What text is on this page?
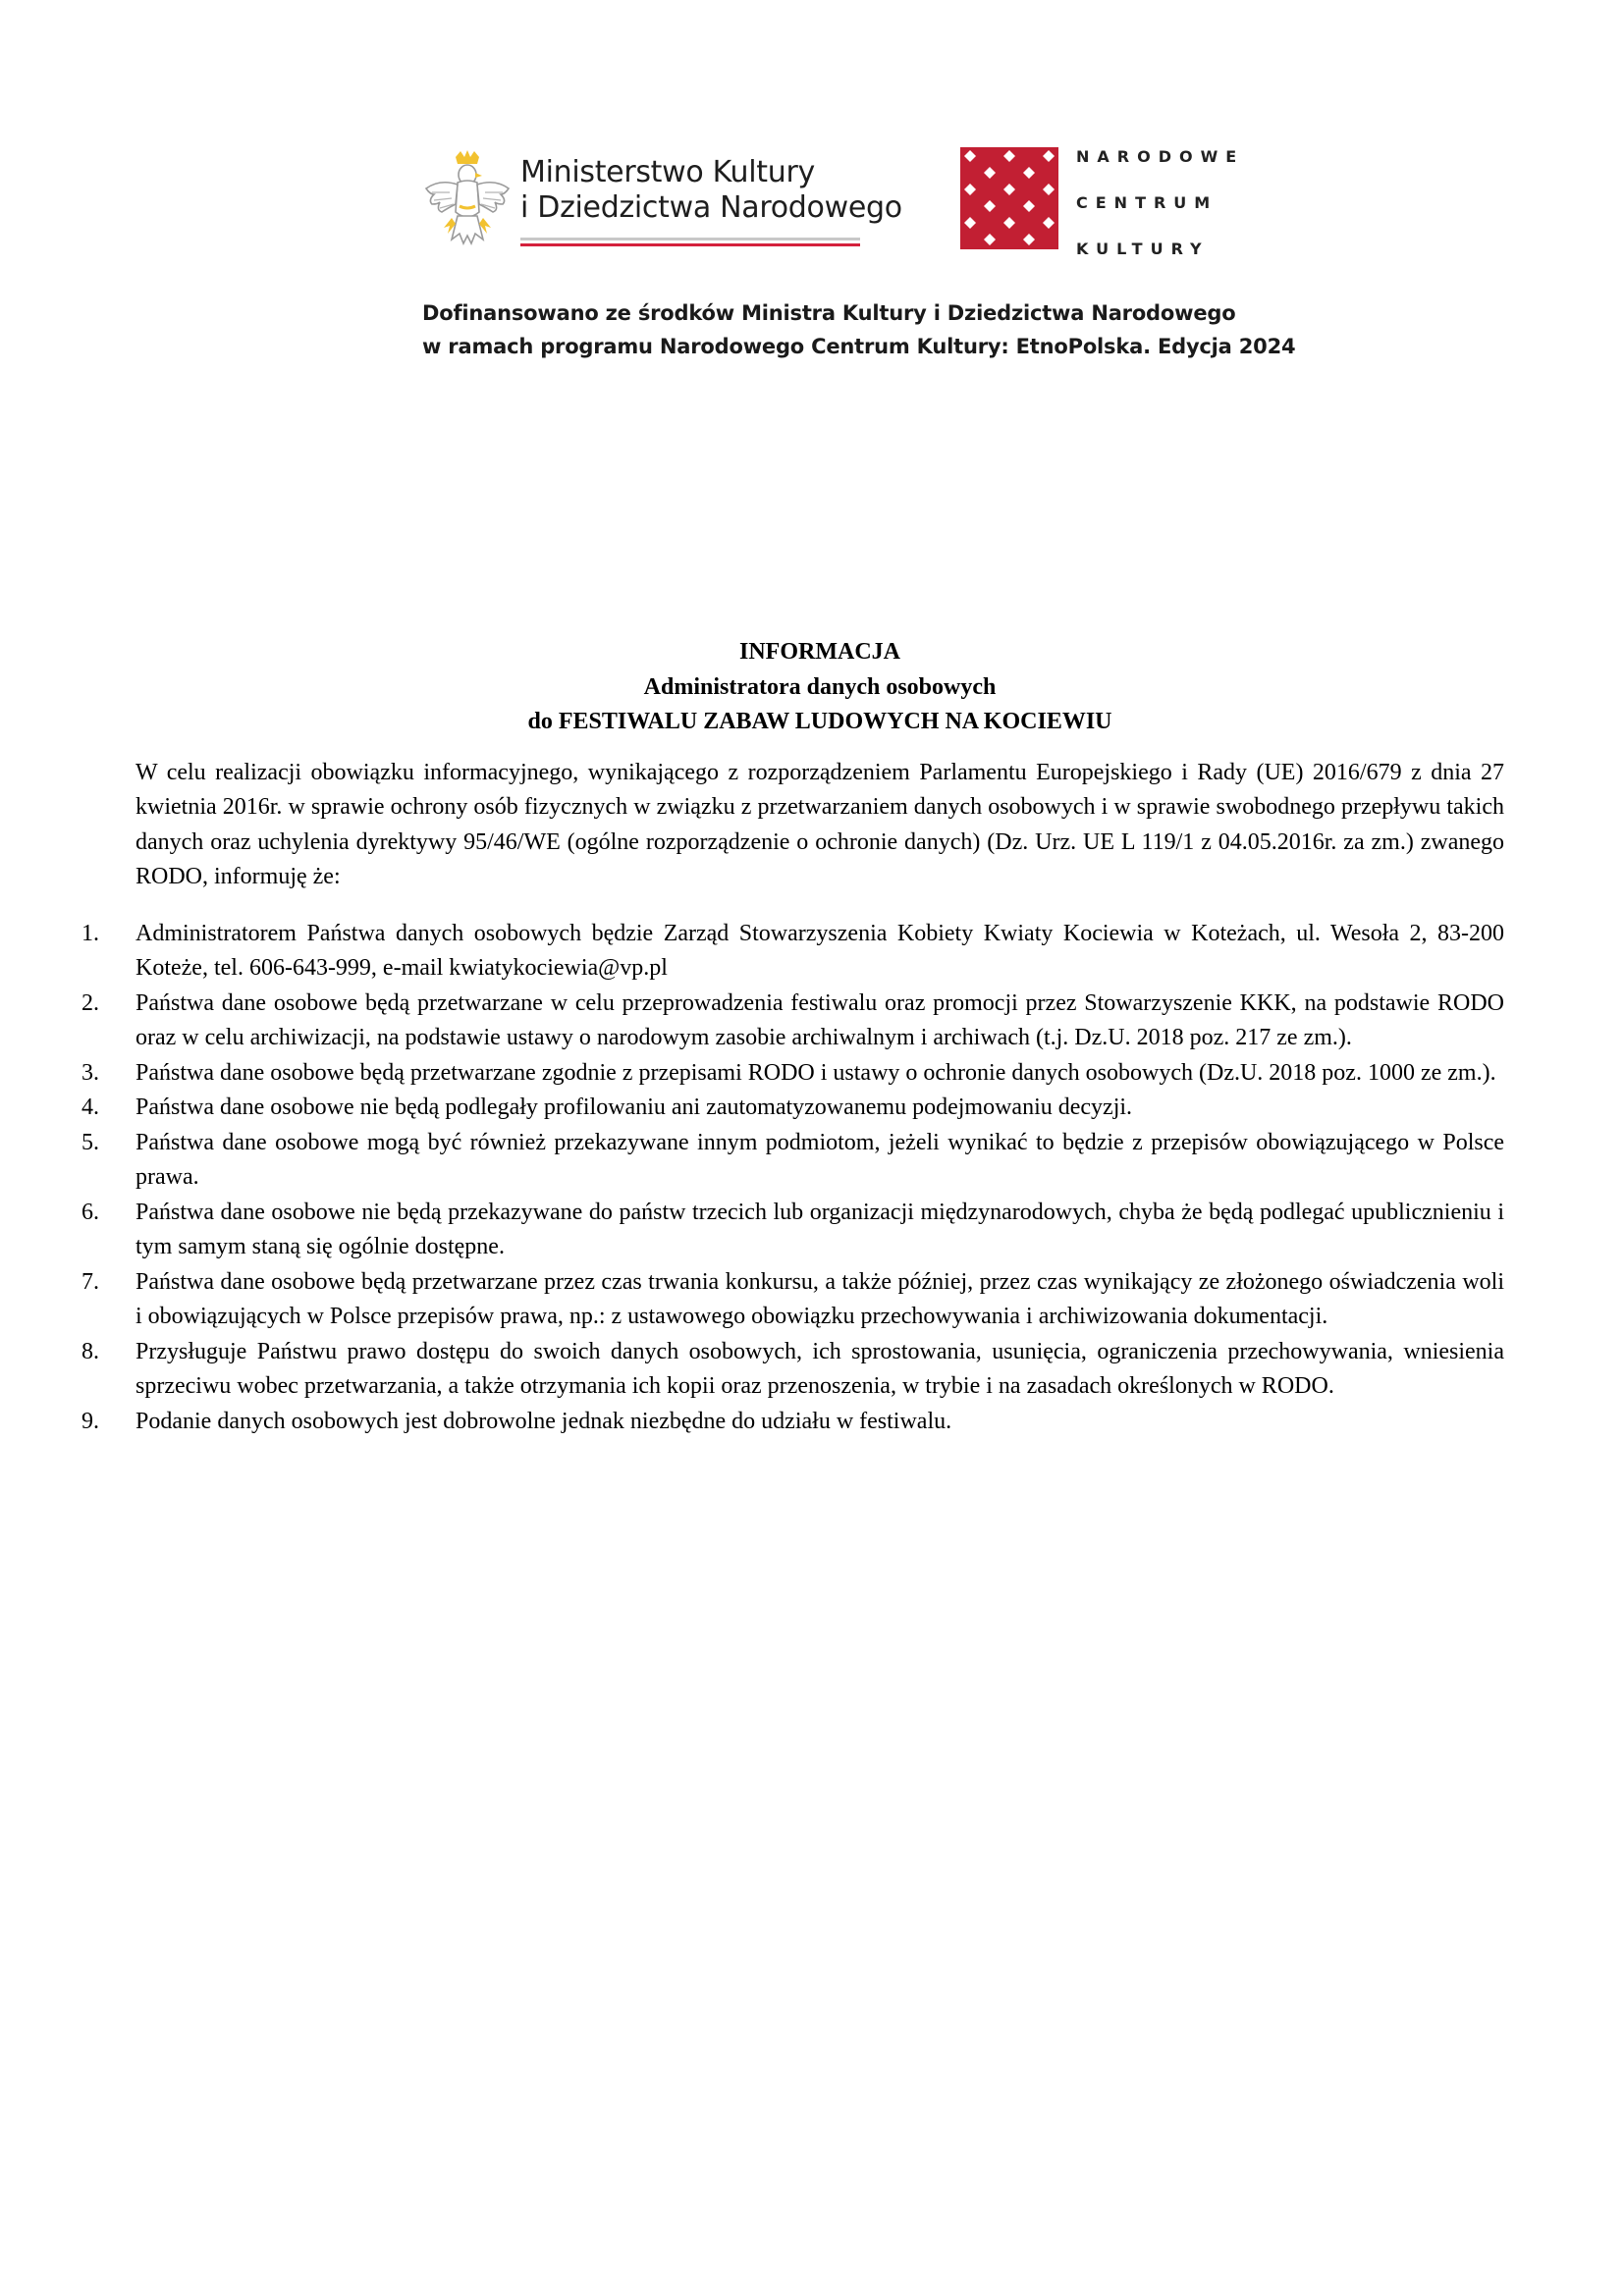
Ministerstwo Kultury
i Dziedzictwa Narodowego
NARODOWE
CENTRUM
KULTURY
Dofinansowano ze środków Ministra Kultury i Dziedzictwa Narodowego
w ramach programu Narodowego Centrum Kultury: EtnoPolska. Edycja 2024
INFORMACJA
Administratora danych osobowych
do FESTIWALU ZABAW LUDOWYCH NA KOCIEWIU

W celu realizacji obowiązku informacyjnego, wynikającego z rozporządzeniem Parlamentu Europejskiego i Rady (UE) 2016/679 z dnia 27 kwietnia 2016r. w sprawie ochrony osób fizycznych w związku z przetwarzaniem danych osobowych i w sprawie swobodnego przepływu takich danych oraz uchylenia dyrektywy 95/46/WE (ogólne rozporządzenie o ochronie danych) (Dz. Urz. UE L 119/1 z 04.05.2016r. za zm.) zwanego RODO, informuję że:

1.	Administratorem Państwa danych osobowych będzie Zarząd Stowarzyszenia Kobiety Kwiaty Kociewia w Koteżach, ul. Wesoła 2, 83-200 Koteże, tel. 606-643-999, e-mail kwiatykociewia@vp.pl
2.	Państwa dane osobowe będą przetwarzane w celu przeprowadzenia festiwalu oraz promocji przez Stowarzyszenie KKK, na podstawie RODO oraz w celu archiwizacji, na podstawie ustawy o narodowym zasobie archiwalnym i archiwach (t.j. Dz.U. 2018 poz. 217 ze zm.).
3.	Państwa dane osobowe będą przetwarzane zgodnie z przepisami RODO i ustawy o ochronie danych osobowych (Dz.U. 2018 poz. 1000 ze zm.).
4.	Państwa dane osobowe nie będą podlegały profilowaniu ani zautomatyzowanemu podejmowaniu decyzji.
5.	Państwa dane osobowe mogą być również przekazywane innym podmiotom, jeżeli wynikać to będzie z przepisów obowiązującego w Polsce prawa.
6.	Państwa dane osobowe nie będą przekazywane do państw trzecich lub organizacji międzynarodowych, chyba że będą podlegać upublicznieniu i tym samym staną się ogólnie dostępne.
7.	Państwa dane osobowe będą przetwarzane przez czas trwania konkursu, a także później, przez czas wynikający ze złożonego oświadczenia woli i obowiązujących w Polsce przepisów prawa, np.: z ustawowego obowiązku przechowywania i archiwizowania dokumentacji.
8.	Przysługuje Państwu prawo dostępu do swoich danych osobowych, ich sprostowania, usunięcia, ograniczenia przechowywania, wniesienia sprzeciwu wobec przetwarzania, a także otrzymania ich kopii oraz przenoszenia, w trybie i na zasadach określonych w RODO.
9.	Podanie danych osobowych jest dobrowolne jednak niezbędne do udziału w festiwalu.
